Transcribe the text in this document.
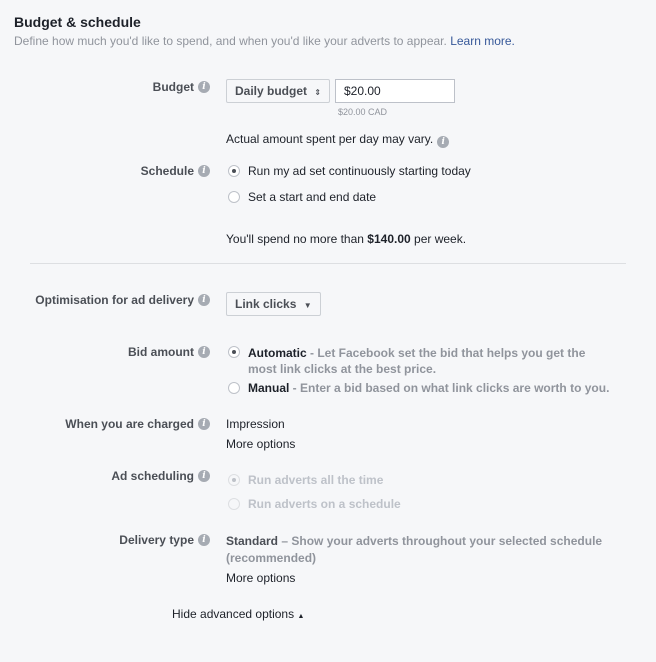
Budget & schedule
Define how much you'd like to spend, and when you'd like your adverts to appear. Learn more.
Budget i	Daily budget ⇕	$20.00
$20.00 CAD
Actual amount spent per day may vary. i
Schedule i	Run my ad set continuously starting today
Set a start and end date
You'll spend no more than $140.00 per week.
Optimisation for ad delivery i	Link clicks ▼
Bid amount i	Automatic - Let Facebook set the bid that helps you get the
most link clicks at the best price.
Manual - Enter a bid based on what link clicks are worth to you.
When you are charged i	Impression
More options
Ad scheduling i	Run adverts all the time
Run adverts on a schedule
Delivery type i	Standard – Show your adverts throughout your selected schedule
(recommended)
More options
Hide advanced options ▲
